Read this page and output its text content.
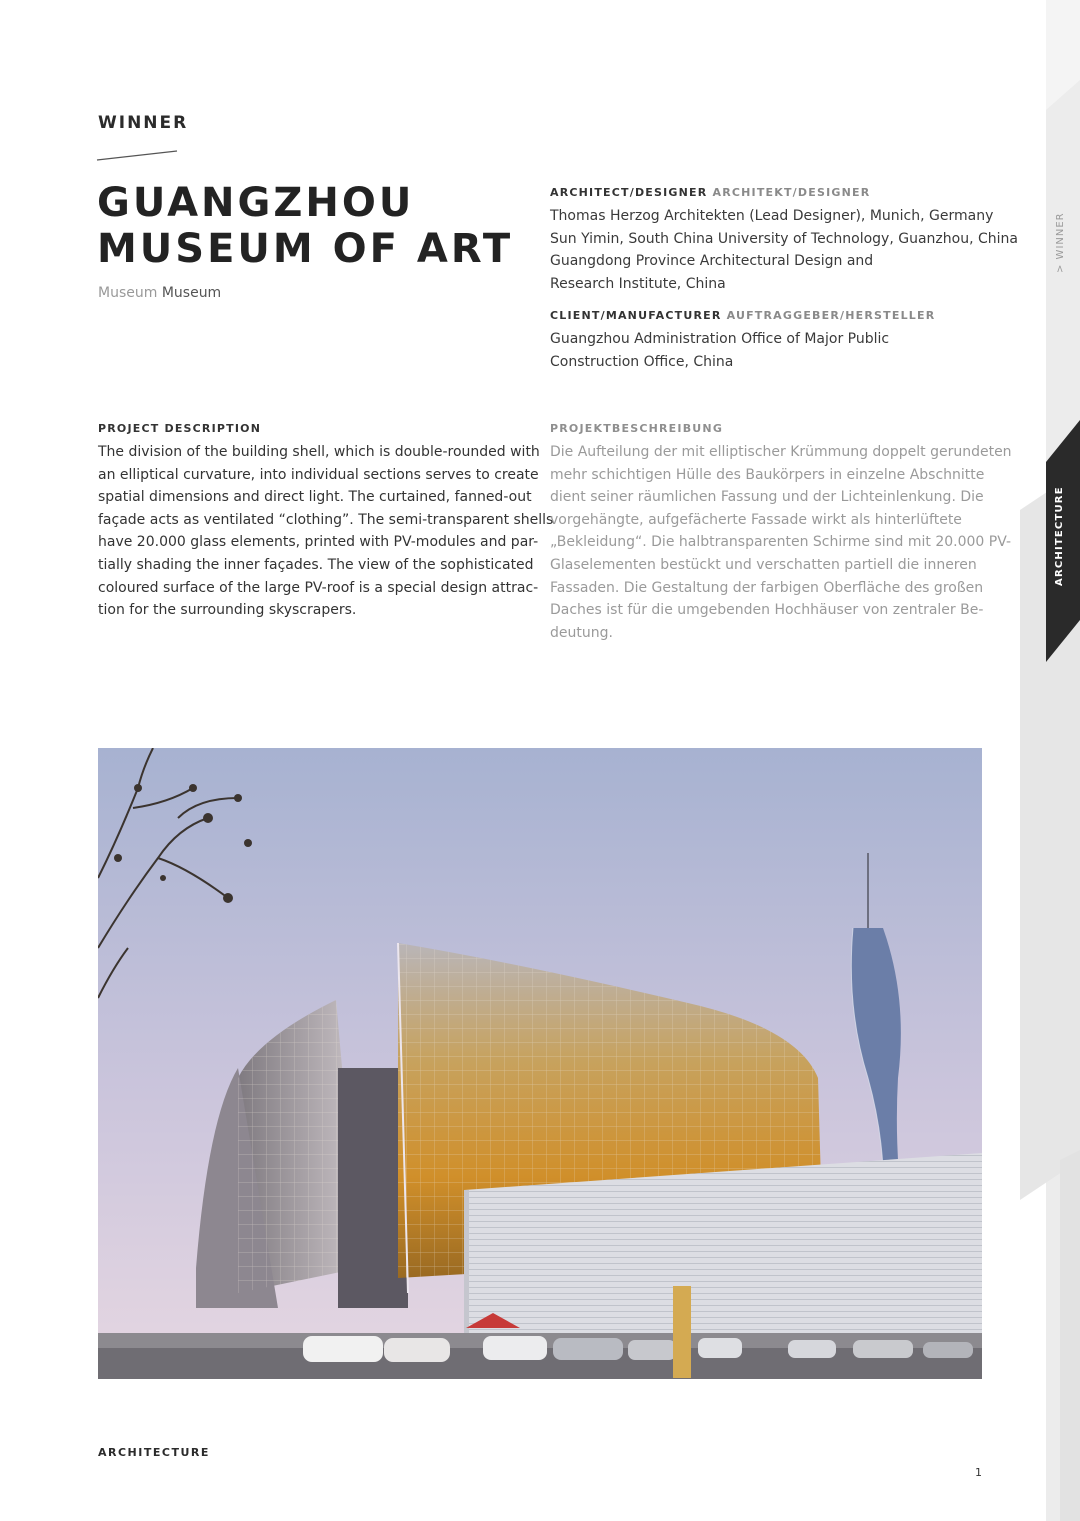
> WINNER
ARCHITECTURE
WINNER
GUANGZHOU
MUSEUM OF ART
Museum Museum
ARCHITECT/DESIGNER ARCHITEKT/DESIGNER
Thomas Herzog Architekten (Lead Designer), Munich, Germany
Sun Yimin, South China University of Technology, Guanzhou, China
Guangdong Province Architectural Design and
Research Institute, China
CLIENT/MANUFACTURER AUFTRAGGEBER/HERSTELLER
Guangzhou Administration Office of Major Public
Construction Office, China
PROJECT DESCRIPTION
The division of the building shell, which is double-rounded with
an elliptical curvature, into individual sections serves to create
spatial dimensions and direct light. The curtained, fanned-out
façade acts as ventilated “clothing”. The semi-transparent shells
have 20.000 glass elements, printed with PV-modules and par-
tially shading the inner façades. The view of the sophisticated
coloured surface of the large PV-roof is a special design attrac-
tion for the surrounding skyscrapers.
PROJEKTBESCHREIBUNG
Die Aufteilung der mit elliptischer Krümmung doppelt gerundeten
mehr schichtigen Hülle des Baukörpers in einzelne Abschnitte
dient seiner räumlichen Fassung und der Lichteinlenkung. Die
vorgehängte, aufgefächerte Fassade wirkt als hinterlüftete
„Bekleidung“. Die halbtransparenten Schirme sind mit 20.000 PV-
Glaselementen bestückt und verschatten partiell die inneren
Fassaden. Die Gestaltung der farbigen Oberfläche des großen
Daches ist für die umgebenden Hochhäuser von zentraler Be-
deutung.
ARCHITECTURE
1
